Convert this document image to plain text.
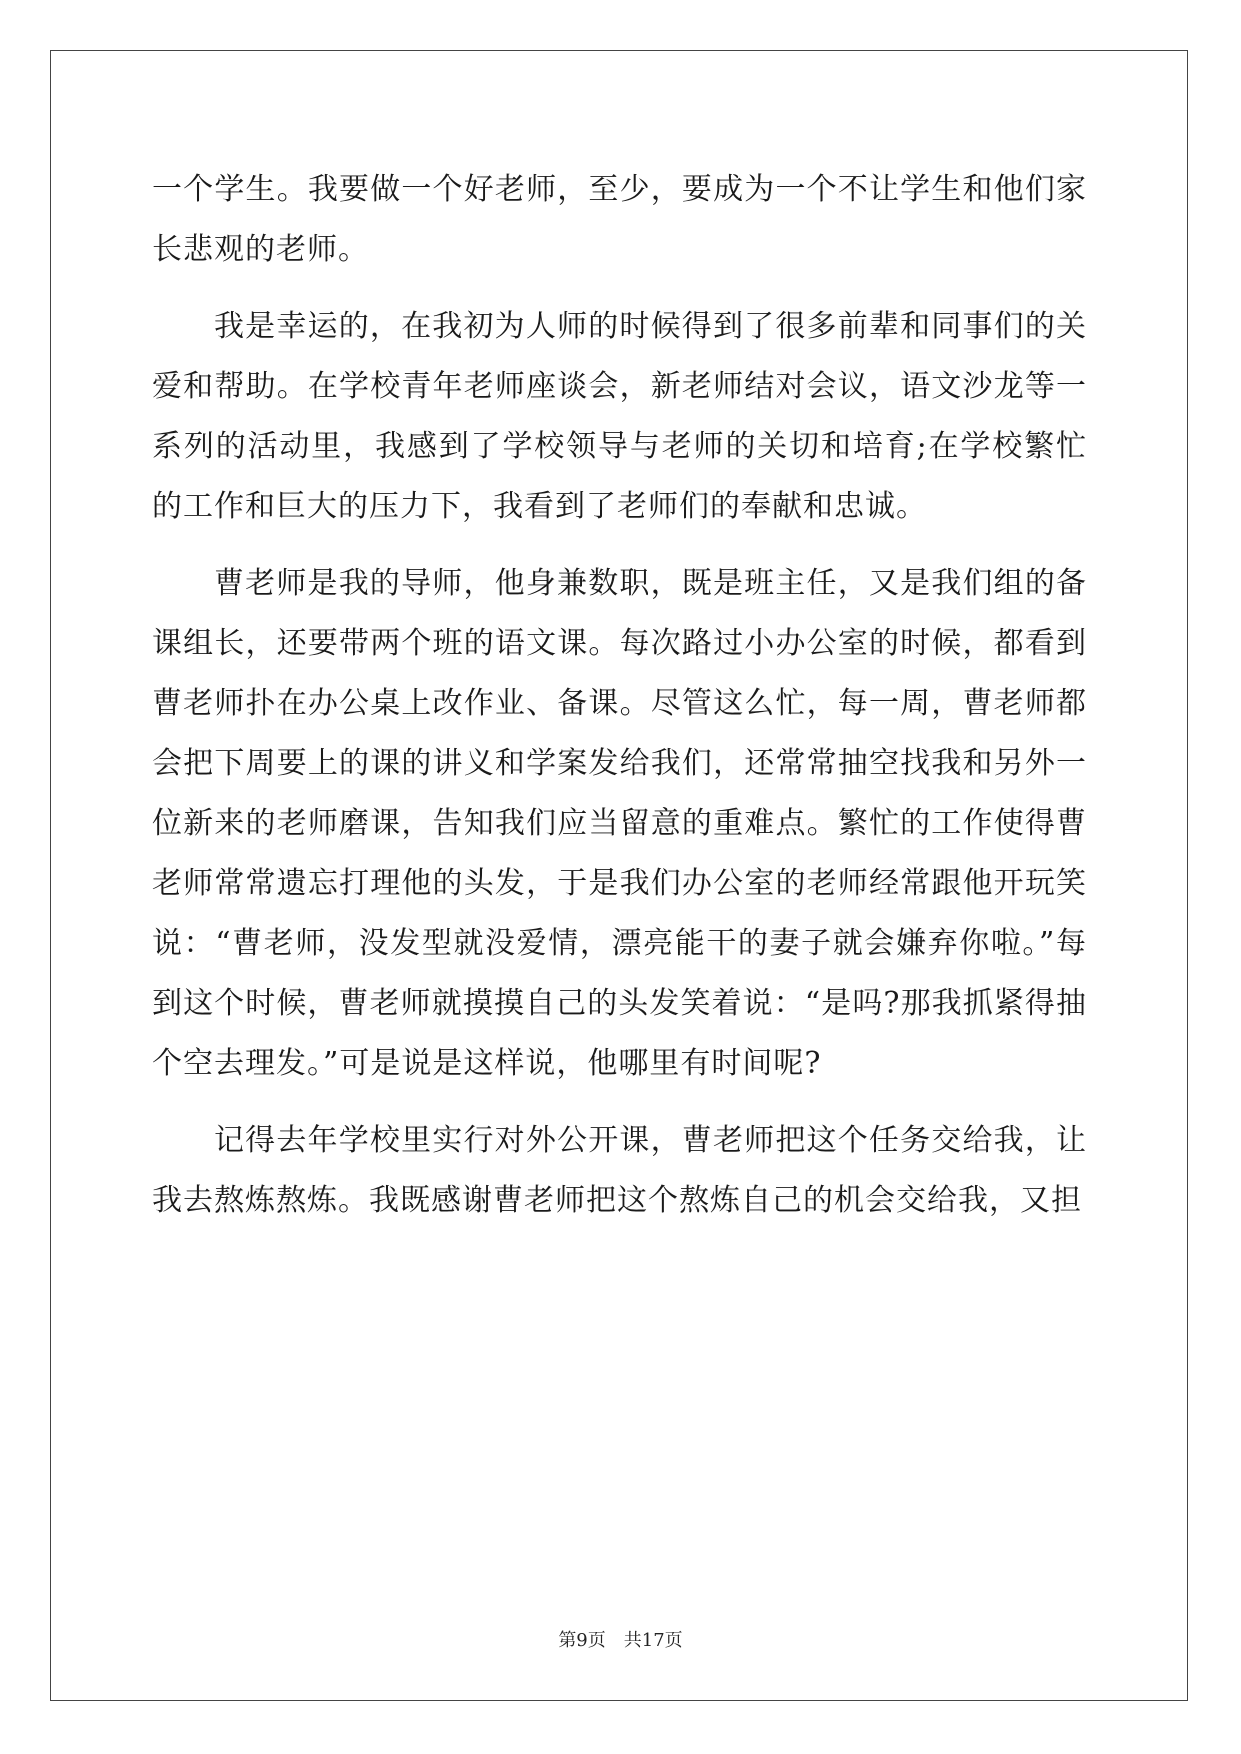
一个学生。我要做一个好老师，至少，要成为一个不让学生和他们家长悲观的老师。

我是幸运的，在我初为人师的时候得到了很多前辈和同事们的关爱和帮助。在学校青年老师座谈会，新老师结对会议，语文沙龙等一系列的活动里，我感到了学校领导与老师的关切和培育;在学校繁忙的工作和巨大的压力下，我看到了老师们的奉献和忠诚。

曹老师是我的导师，他身兼数职，既是班主任，又是我们组的备课组长，还要带两个班的语文课。每次路过小办公室的时候，都看到曹老师扑在办公桌上改作业、备课。尽管这么忙，每一周，曹老师都会把下周要上的课的讲义和学案发给我们，还常常抽空找我和另外一位新来的老师磨课，告知我们应当留意的重难点。繁忙的工作使得曹老师常常遗忘打理他的头发，于是我们办公室的老师经常跟他开玩笑说：“曹老师，没发型就没爱情，漂亮能干的妻子就会嫌弃你啦。”每到这个时候，曹老师就摸摸自己的头发笑着说：“是吗?那我抓紧得抽个空去理发。”可是说是这样说，他哪里有时间呢?

记得去年学校里实行对外公开课，曹老师把这个任务交给我，让我去熬炼熬炼。我既感谢曹老师把这个熬炼自己的机会交给我，又担

第9页　共17页
